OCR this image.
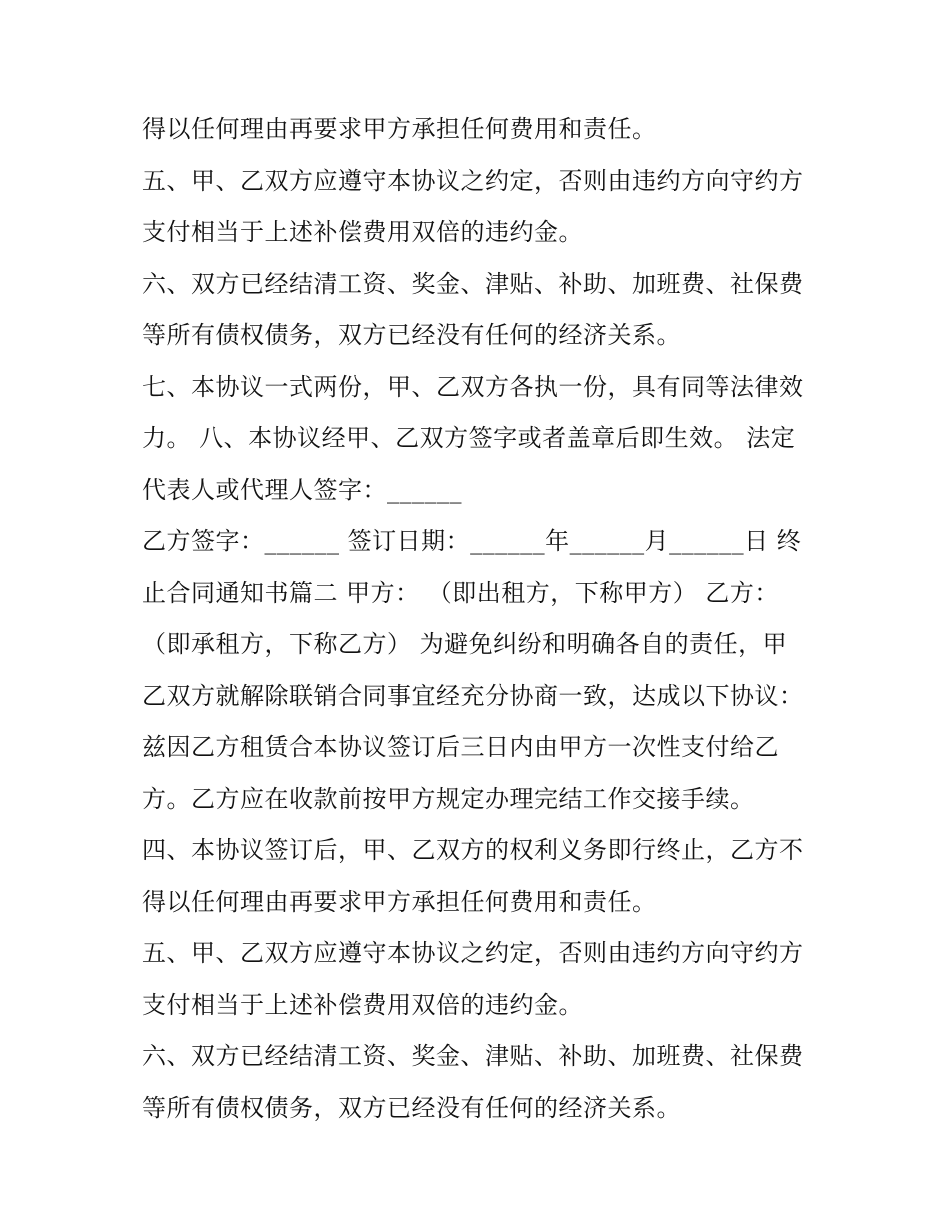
得以任何理由再要求甲方承担任何费用和责任。
五、甲、乙双方应遵守本协议之约定，否则由违约方向守约方
支付相当于上述补偿费用双倍的违约金。
六、双方已经结清工资、奖金、津贴、补助、加班费、社保费
等所有债权债务，双方已经没有任何的经济关系。
七、本协议一式两份，甲、乙双方各执一份，具有同等法律效
力。 八、本协议经甲、乙双方签字或者盖章后即生效。 法定
代表人或代理人签字：______
乙方签字：______ 签订日期：______年______月______日 终
止合同通知书篇二 甲方： （即出租方，下称甲方） 乙方：
（即承租方，下称乙方） 为避免纠纷和明确各自的责任，甲
乙双方就解除联销合同事宜经充分协商一致，达成以下协议：
兹因乙方租赁合本协议签订后三日内由甲方一次性支付给乙
方。乙方应在收款前按甲方规定办理完结工作交接手续。
四、本协议签订后，甲、乙双方的权利义务即行终止，乙方不
得以任何理由再要求甲方承担任何费用和责任。
五、甲、乙双方应遵守本协议之约定，否则由违约方向守约方
支付相当于上述补偿费用双倍的违约金。
六、双方已经结清工资、奖金、津贴、补助、加班费、社保费
等所有债权债务，双方已经没有任何的经济关系。
